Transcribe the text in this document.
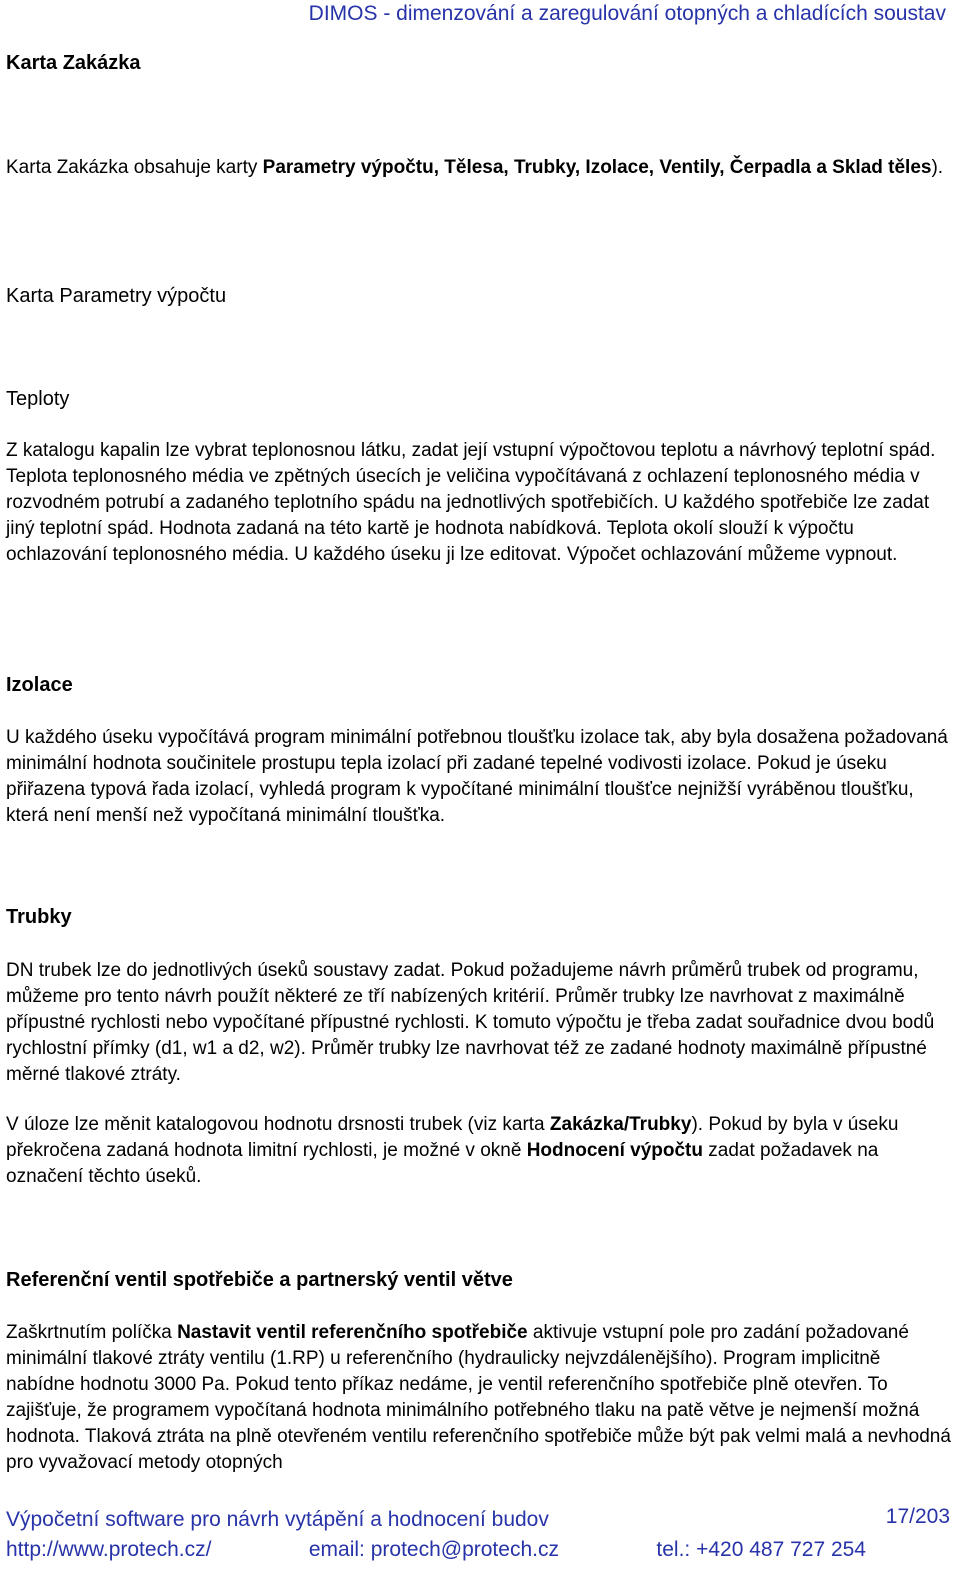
DIMOS - dimenzování a zaregulování otopných a chladících soustav
Karta Zakázka

Karta Zakázka obsahuje karty Parametry výpočtu, Tělesa, Trubky, Izolace, Ventily, Čerpadla a Sklad těles).

Karta Parametry výpočtu
Teploty

Z katalogu kapalin lze vybrat teplonosnou látku, zadat její vstupní výpočtovou teplotu a návrhový teplotní spád. Teplota teplonosného média ve zpětných úsecích je veličina vypočítávaná z ochlazení teplonosného média v rozvodném potrubí a zadaného teplotního spádu na jednotlivých spotřebičích. U každého spotřebiče lze zadat jiný teplotní spád. Hodnota zadaná na této kartě je hodnota nabídková. Teplota okolí slouží k výpočtu ochlazování teplonosného média. U každého úseku ji lze editovat. Výpočet ochlazování můžeme vypnout.

Izolace

U každého úseku vypočítává program minimální potřebnou tloušťku izolace tak, aby byla dosažena požadovaná minimální hodnota součinitele prostupu tepla izolací při zadané tepelné vodivosti izolace. Pokud je úseku přiřazena typová řada izolací, vyhledá program k vypočítané minimální tloušťce nejnižší vyráběnou tloušťku, která není menší než vypočítaná minimální tloušťka.

Trubky

DN trubek lze do jednotlivých úseků soustavy zadat. Pokud požadujeme návrh průměrů trubek od programu, můžeme pro tento návrh použít některé ze tří nabízených kritérií. Průměr trubky lze navrhovat z maximálně přípustné rychlosti nebo vypočítané přípustné rychlosti. K tomuto výpočtu je třeba zadat souřadnice dvou bodů rychlostní přímky (d1, w1 a d2, w2). Průměr trubky lze navrhovat též ze zadané hodnoty maximálně přípustné měrné tlakové ztráty.

V úloze lze měnit katalogovou hodnotu drsnosti trubek (viz karta Zakázka/Trubky). Pokud by byla v úseku překročena zadaná hodnota limitní rychlosti, je možné v okně Hodnocení výpočtu zadat požadavek na označení těchto úseků.

Referenční ventil spotřebiče a partnerský ventil větve

Zaškrtnutím políčka Nastavit ventil referenčního spotřebiče aktivuje vstupní pole pro zadání požadované minimální tlakové ztráty ventilu (1.RP) u referenčního (hydraulicky nejvzdálenějšího). Program implicitně nabídne hodnotu 3000 Pa. Pokud tento příkaz nedáme, je ventil referenčního spotřebiče plně otevřen. To zajišťuje, že programem vypočítaná hodnota minimálního potřebného tlaku na patě větve je nejmenší možná hodnota. Tlaková ztráta na plně otevřeném ventilu referenčního spotřebiče může být pak velmi malá a nevhodná pro vyvažovací metody otopných

Výpočetní software pro návrh vytápění a hodnocení budov	17/203
http://www.protech.cz/	email: protech@protech.cz	tel.: +420 487 727 254
